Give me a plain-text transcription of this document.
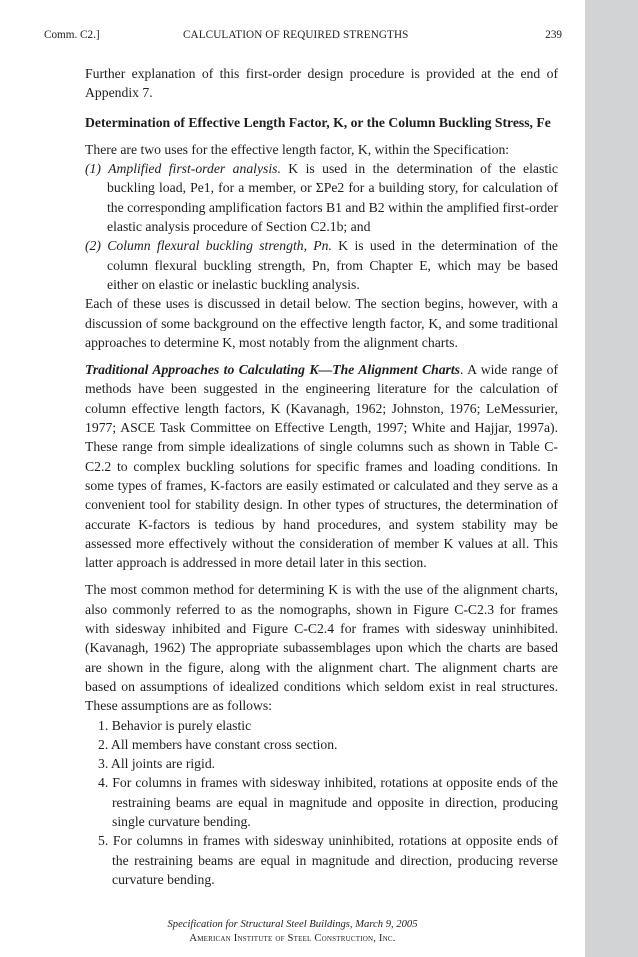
Comm. C2.]	CALCULATION OF REQUIRED STRENGTHS	239

Further explanation of this first-order design procedure is provided at the end of Appendix 7.

Determination of Effective Length Factor, K, or the Column Buckling Stress, Fe

There are two uses for the effective length factor, K, within the Specification:

(1) Amplified first-order analysis. K is used in the determination of the elastic buckling load, Pe1, for a member, or ΣPe2 for a building story, for calculation of the corresponding amplification factors B1 and B2 within the amplified first-order elastic analysis procedure of Section C2.1b; and

(2) Column flexural buckling strength, Pn. K is used in the determination of the column flexural buckling strength, Pn, from Chapter E, which may be based either on elastic or inelastic buckling analysis.

Each of these uses is discussed in detail below. The section begins, however, with a discussion of some background on the effective length factor, K, and some traditional approaches to determine K, most notably from the alignment charts.

Traditional Approaches to Calculating K—The Alignment Charts. A wide range of methods have been suggested in the engineering literature for the calculation of column effective length factors, K (Kavanagh, 1962; Johnston, 1976; LeMessurier, 1977; ASCE Task Committee on Effective Length, 1997; White and Hajjar, 1997a). These range from simple idealizations of single columns such as shown in Table C-C2.2 to complex buckling solutions for specific frames and loading conditions. In some types of frames, K-factors are easily estimated or calculated and they serve as a convenient tool for stability design. In other types of structures, the determination of accurate K-factors is tedious by hand procedures, and system stability may be assessed more effectively without the consideration of member K values at all. This latter approach is addressed in more detail later in this section.

The most common method for determining K is with the use of the alignment charts, also commonly referred to as the nomographs, shown in Figure C-C2.3 for frames with sidesway inhibited and Figure C-C2.4 for frames with sidesway uninhibited. (Kavanagh, 1962) The appropriate subassemblages upon which the charts are based are shown in the figure, along with the alignment chart. The alignment charts are based on assumptions of idealized conditions which seldom exist in real structures. These assumptions are as follows:

1. Behavior is purely elastic

2. All members have constant cross section.

3. All joints are rigid.

4. For columns in frames with sidesway inhibited, rotations at opposite ends of the restraining beams are equal in magnitude and opposite in direction, producing single curvature bending.

5. For columns in frames with sidesway uninhibited, rotations at opposite ends of the restraining beams are equal in magnitude and direction, producing reverse curvature bending.

Specification for Structural Steel Buildings, March 9, 2005
American Institute of Steel Construction, Inc.
